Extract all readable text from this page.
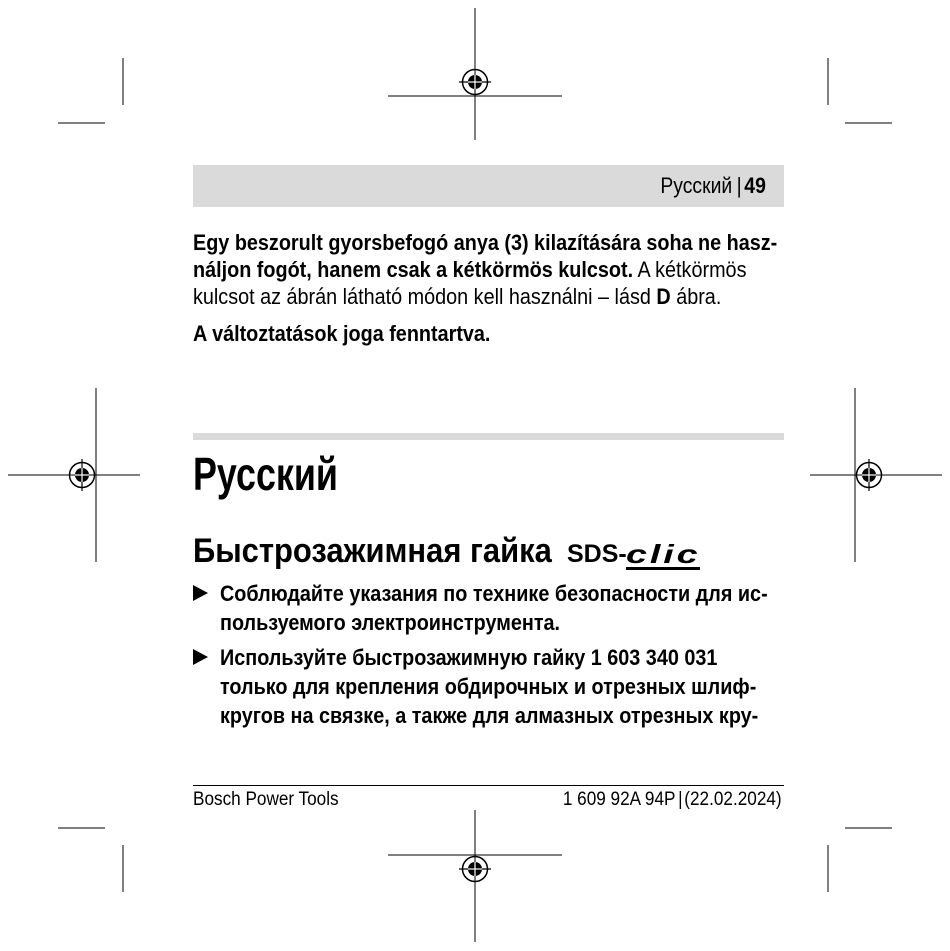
Русский | 49
Egy beszorult gyorsbefogó anya (3) kilazítására soha ne hasz-
náljon fogót, hanem csak a kétkörmös kulcsot. A kétkörmös
kulcsot az ábrán látható módon kell használni – lásd D ábra.
A változtatások joga fenntartva.
Русский
Быстрозажимная гайка SDS- clic
Соблюдайте указания по технике безопасности для ис-
пользуемого электроинструмента.
Используйте быстрозажимную гайку 1 603 340 031
только для крепления обдирочных и отрезных шлиф-
кругов на связке, а также для алмазных отрезных кру-
Bosch Power Tools	1 609 92A 94P |(22.02.2024)
